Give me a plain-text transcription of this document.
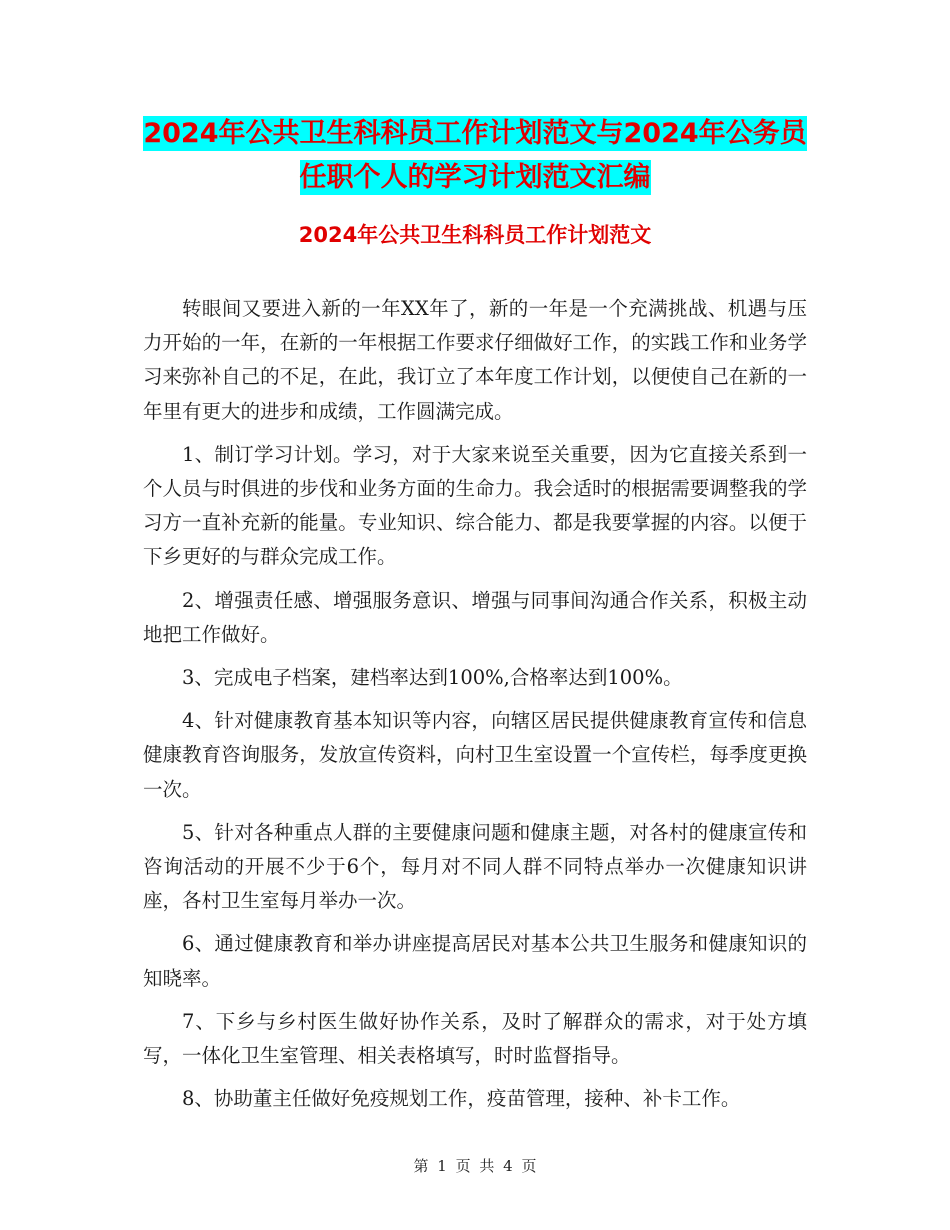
2024年公共卫生科科员工作计划范文与2024年公务员
任职个人的学习计划范文汇编
2024年公共卫生科科员工作计划范文

转眼间又要进入新的一年XX年了，新的一年是一个充满挑战、机遇与压力开始的一年，在新的一年根据工作要求仔细做好工作，的实践工作和业务学习来弥补自己的不足，在此，我订立了本年度工作计划，以便使自己在新的一年里有更大的进步和成绩，工作圆满完成。

1、制订学习计划。学习，对于大家来说至关重要，因为它直接关系到一个人员与时俱进的步伐和业务方面的生命力。我会适时的根据需要调整我的学习方一直补充新的能量。专业知识、综合能力、都是我要掌握的内容。以便于下乡更好的与群众完成工作。

2、增强责任感、增强服务意识、增强与同事间沟通合作关系，积极主动地把工作做好。

3、完成电子档案，建档率达到100%,合格率达到100%。

4、针对健康教育基本知识等内容，向辖区居民提供健康教育宣传和信息健康教育咨询服务，发放宣传资料，向村卫生室设置一个宣传栏，每季度更换一次。

5、针对各种重点人群的主要健康问题和健康主题，对各村的健康宣传和咨询活动的开展不少于6个，每月对不同人群不同特点举办一次健康知识讲座，各村卫生室每月举办一次。

6、通过健康教育和举办讲座提高居民对基本公共卫生服务和健康知识的知晓率。

7、下乡与乡村医生做好协作关系，及时了解群众的需求，对于处方填写，一体化卫生室管理、相关表格填写，时时监督指导。

8、协助董主任做好免疫规划工作，疫苗管理，接种、补卡工作。

第 1 页 共 4 页
